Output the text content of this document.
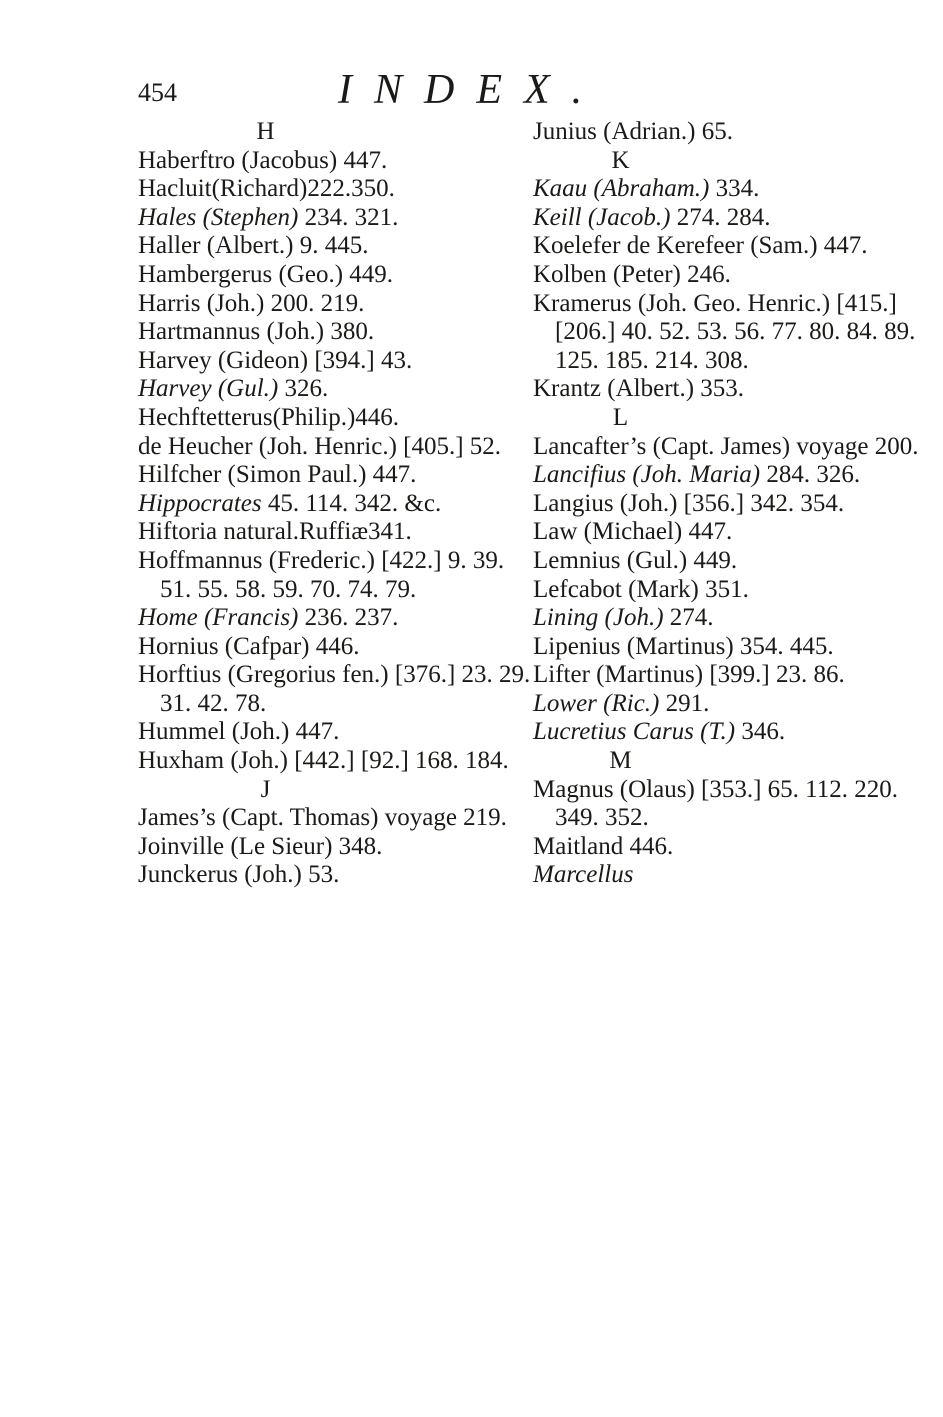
454	INDEX.

H

Haberftro (Jacobus) 447.

Hacluit(Richard)222.350.

Hales (Stephen) 234. 321.

Haller (Albert.) 9. 445.

Hambergerus (Geo.) 449.

Harris (Joh.) 200. 219.

Hartmannus (Joh.) 380.

Harvey (Gideon) [394.] 43.

Harvey (Gul.) 326.

Hechftetterus(Philip.)446.

de Heucher (Joh. Henric.) [405.] 52.

Hilfcher (Simon Paul.) 447.

Hippocrates 45. 114. 342. &c.

Hiftoria natural.Ruffiæ341.

Hoffmannus (Frederic.) [422.] 9. 39. 51. 55. 58. 59. 70. 74. 79.

Home (Francis) 236. 237.

Hornius (Cafpar) 446.

Horftius (Gregorius fen.) [376.] 23. 29. 31. 42. 78.

Hummel (Joh.) 447.

Huxham (Joh.) [442.] [92.] 168. 184.

J

James’s (Capt. Thomas) voyage 219.

Joinville (Le Sieur) 348.

Junckerus (Joh.) 53.

Junius (Adrian.) 65.

K

Kaau (Abraham.) 334.

Keill (Jacob.) 274. 284.

Koelefer de Kerefeer (Sam.) 447.

Kolben (Peter) 246.

Kramerus (Joh. Geo. Henric.) [415.] [206.] 40. 52. 53. 56. 77. 80. 84. 89. 125. 185. 214. 308.

Krantz (Albert.) 353.

L

Lancafter’s (Capt. James) voyage 200.

Lancifius (Joh. Maria) 284. 326.

Langius (Joh.) [356.] 342. 354.

Law (Michael) 447.

Lemnius (Gul.) 449.

Lefcabot (Mark) 351.

Lining (Joh.) 274.

Lipenius (Martinus) 354. 445.

Lifter (Martinus) [399.] 23. 86.

Lower (Ric.) 291.

Lucretius Carus (T.) 346.

M

Magnus (Olaus) [353.] 65. 112. 220. 349. 352.

Maitland 446.

Marcellus
